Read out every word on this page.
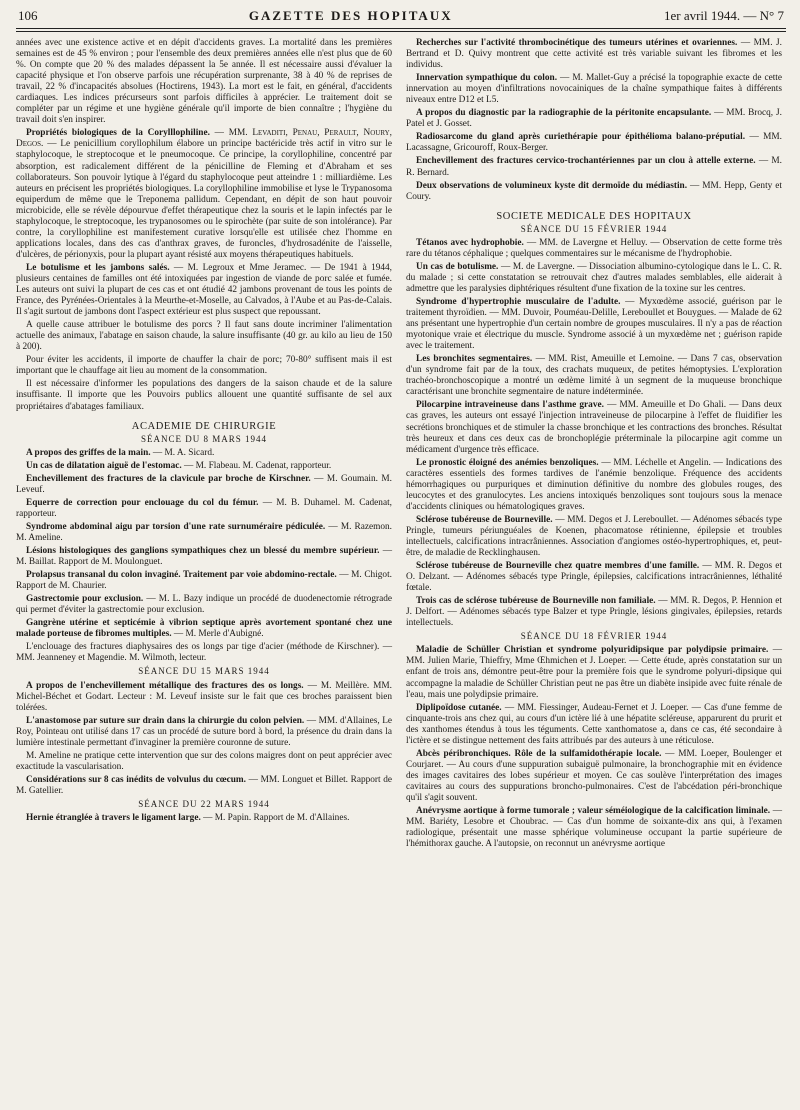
106	GAZETTE DES HOPITAUX	1er avril 1944. — N° 7

années avec une existence active et en dépit d'accidents graves. La mortalité dans les premières semaines est de 45 % environ ; pour l'ensemble des deux premières années elle n'est plus que de 60 %. On compte que 20 % des malades dépassent la 5e année. Il est nécessaire aussi d'évaluer la capacité physique et l'on observe parfois une récupération surprenante, 38 à 40 % de reprises de travail, 22 % d'incapacités absolues (Hoctirens, 1943). La mort est le fait, en général, d'accidents cardiaques. Les indices précurseurs sont parfois difficiles à apprécier. Le traitement doit se compléter par un régime et une hygiène générale qu'il importe de bien connaître ; l'hygiène du travail doit s'en inspirer.

Propriétés biologiques de la Corylllophiline. — MM. Levaditi, Penau, Perault, Noury, Degos. — Le penicillium coryllophilum élabore un principe bactéricide très actif in vitro sur le staphylocoque, le streptocoque et le pneumocoque. Ce principe, la coryllophiline, concentré par absorption, est radicalement différent de la pénicilline de Fleming et d'Abraham et ses collaborateurs. Son pouvoir lytique à l'égard du staphylocoque peut atteindre 1 : milliardième. Les auteurs en précisent les propriétés biologiques. La coryllophiline immobilise et lyse le Trypanosoma equiperdum de même que le Treponema pallidum. Cependant, en dépit de son haut pouvoir microbicide, elle se révèle dépourvue d'effet thérapeutique chez la souris et le lapin infectés par le staphylocoque, le streptocoque, les trypanosomes ou le spirochète (par suite de son intolérance). Par contre, la coryllophiline est manifestement curative lorsqu'elle est utilisée chez l'homme en applications locales, dans des cas d'anthrax graves, de furoncles, d'hydrosadénite de l'aisselle, d'ulcères, de périonyxis, pour la plupart ayant résisté aux moyens thérapeutiques habituels.

Le botulisme et les jambons salés. — M. Legroux et Mme Jeramec. — De 1941 à 1944, plusieurs centaines de familles ont été intoxiquées par ingestion de viande de porc salée et fumée. Les auteurs ont suivi la plupart de ces cas et ont étudié 42 jambons provenant de tous les points de France, des Pyrénées-Orientales à la Meurthe-et-Moselle, au Calvados, à l'Aube et au Pas-de-Calais. Il s'agit surtout de jambons dont l'aspect extérieur est plus suspect que repoussant.

A quelle cause attribuer le botulisme des porcs ? Il faut sans doute incriminer l'alimentation actuelle des animaux, l'abatage en saison chaude, la salure insuffisante (40 gr. au kilo au lieu de 150 à 200).

Pour éviter les accidents, il importe de chauffer la chair de porc; 70-80° suffisent mais il est important que le chauffage ait lieu au moment de la consommation.

Il est nécessaire d'informer les populations des dangers de la saison chaude et de la salure insuffisante. Il importe que les Pouvoirs publics allouent une quantité suffisante de sel aux propriétaires d'abatages familiaux.

ACADEMIE DE CHIRURGIE
SÉANCE DU 8 MARS 1944

A propos des griffes de la main. — M. A. Sicard.

Un cas de dilatation aiguë de l'estomac. — M. Flabeau. M. Cadenat, rapporteur.

Enchevillement des fractures de la clavicule par broche de Kirschner. — M. Goumain. M. Leveuf.

Equerre de correction pour enclouage du col du fémur. — M. B. Duhamel. M. Cadenat, rapporteur.

Syndrome abdominal aigu par torsion d'une rate surnuméraire pédiculée. — M. Razemon. M. Ameline.

Lésions histologiques des ganglions sympathiques chez un blessé du membre supérieur. — M. Baillat. Rapport de M. Moulonguet.

Prolapsus transanal du colon invaginé. Traitement par voie abdomino-rectale. — M. Chigot. Rapport de M. Chaurier.

Gastrectomie pour exclusion. — M. L. Bazy indique un procédé de duodenectomie rétrograde qui permet d'éviter la gastrectomie pour exclusion.

Gangrène utérine et septicémie à vibrion septique après avortement spontané chez une malade porteuse de fibromes multiples. — M. Merle d'Aubigné.

L'enclouage des fractures diaphysaires des os longs par tige d'acier (méthode de Kirschner). — MM. Jeanneney et Magendie. M. Wilmoth, lecteur.

SÉANCE DU 15 MARS 1944

A propos de l'enchevillement métallique des fractures des os longs. — M. Meillère. MM. Michel-Béchet et Godart. Lecteur : M. Leveuf insiste sur le fait que ces broches paraissent bien tolérées.

L'anastomose par suture sur drain dans la chirurgie du colon pelvien. — MM. d'Allaines, Le Roy, Pointeau ont utilisé dans 17 cas un procédé de suture bord à bord, la présence du drain dans la lumière intestinale permettant d'invaginer la première couronne de suture.

M. Ameline ne pratique cette intervention que sur des colons maigres dont on peut apprécier avec exactitude la vascularisation.

Considérations sur 8 cas inédits de volvulus du cœcum. — MM. Longuet et Billet. Rapport de M. Gatellier.

SÉANCE DU 22 MARS 1944

Hernie étranglée à travers le ligament large. — M. Papin. Rapport de M. d'Allaines.

Recherches sur l'activité thrombocinétique des tumeurs utérines et ovariennes. — MM. J. Bertrand et D. Quivy montrent que cette activité est très variable suivant les fibromes et les individus.

Innervation sympathique du colon. — M. Mallet-Guy a précisé la topographie exacte de cette innervation au moyen d'infiltrations novocainiques de la chaîne sympathique faites à différents niveaux entre D12 et L5.

A propos du diagnostic par la radiographie de la péritonite encapsulante. — MM. Brocq, J. Patel et J. Gosset.

Radiosarcome du gland après curiethérapie pour épithélioma balano-préputial. — MM. Lacassagne, Gricouroff, Roux-Berger.

Enchevillement des fractures cervico-trochantériennes par un clou à attelle externe. — M. R. Bernard.

Deux observations de volumineux kyste dit dermoïde du médiastin. — MM. Hepp, Genty et Coury.

SOCIETE MEDICALE DES HOPITAUX
SÉANCE DU 15 FÉVRIER 1944

Tétanos avec hydrophobie. — MM. de Lavergne et Helluy. — Observation de cette forme très rare du tétanos céphalique ; quelques commentaires sur le mécanisme de l'hydrophobie.

Un cas de botulisme. — M. de Lavergne. — Dissociation albumino-cytologique dans le L. C. R. du malade ; si cette constatation se retrouvait chez d'autres malades semblables, elle aiderait à admettre que les paralysies diphtériques résultent d'une fixation de la toxine sur les centres.

Syndrome d'hypertrophie musculaire de l'adulte. — Myxœdème associé, guérison par le traitement thyroïdien. — MM. Duvoir, Pouméau-Delille, Lereboullet et Bouygues. — Malade de 62 ans présentant une hypertrophie d'un certain nombre de groupes musculaires. Il n'y a pas de réaction myotonique vraie et électrique du muscle. Syndrome associé à un myxœdème net ; guérison rapide avec le traitement.

Les bronchites segmentaires. — MM. Rist, Ameuille et Lemoine. — Dans 7 cas, observation d'un syndrome fait par de la toux, des crachats muqueux, de petites hémoptysies. L'exploration trachéo-bronchoscopique a montré un œdème limité à un segment de la muqueuse bronchique caractérisant une bronchite segmentaire de nature indéterminée.

Pilocarpine intraveineuse dans l'asthme grave. — MM. Ameuille et Do Ghali. — Dans deux cas graves, les auteurs ont essayé l'injection intraveineuse de pilocarpine à l'effet de fluidifier les secrétions bronchiques et de stimuler la chasse bronchique et les contractions des bronches. Résultat très heureux et dans ces deux cas de bronchoplégie préterminale la pilocarpine agit comme un médicament d'urgence très efficace.

Le pronostic éloigné des anémies benzoliques. — MM. Léchelle et Angelin. — Indications des caractères essentiels des formes tardives de l'anémie benzolique. Fréquence des accidents hémorrhagiques ou purpuriques et diminution définitive du nombre des globules rouges, des leucocytes et des granulocytes. Les anciens intoxiqués benzoliques sont toujours sous la menace d'accidents cliniques ou hématologiques graves.

Sclérose tubéreuse de Bourneville. — MM. Degos et J. Lereboullet. — Adénomes sébacés type Pringle, tumeurs périunguéales de Koenen, phacomatose rétinienne, épilepsie et troubles intellectuels, calcifications intracrâniennes. Association d'angiomes ostéo-hypertrophiques, et, peut-être, de maladie de Recklinghausen.

Sclérose tubéreuse de Bourneville chez quatre membres d'une famille. — MM. R. Degos et O. Delzant. — Adénomes sébacés type Pringle, épilepsies, calcifications intracrâniennes, léthalité fœtale.

Trois cas de sclérose tubéreuse de Bourneville non familiale. — MM. R. Degos, P. Hennion et J. Delfort. — Adénomes sébacés type Balzer et type Pringle, lésions gingivales, épilepsies, retards intellectuels.

SÉANCE DU 18 FÉVRIER 1944

Maladie de Schüller Christian et syndrome polyuridipsique par polydipsie primaire. — MM. Julien Marie, Thieffry, Mme Œhmichen et J. Loeper. — Cette étude, après constatation sur un enfant de trois ans, démontre peut-être pour la première fois que le syndrome polyuri-dipsique qui accompagne la maladie de Schüller Christian peut ne pas être un diabète insipide avec fuite rénale de l'eau, mais une polydipsie primaire.

Diplipoïdose cutanée. — MM. Fiessinger, Audeau-Fernet et J. Loeper. — Cas d'une femme de cinquante-trois ans chez qui, au cours d'un ictère lié à une hépatite scléreuse, apparurent du prurit et des xanthomes étendus à tous les téguments. Cette xanthomatose a, dans ce cas, été secondaire à l'ictère et se distingue nettement des faits attribués par des auteurs à une réticulose.

Abcès péribronchiques. Rôle de la sulfamidothérapie locale. — MM. Loeper, Boulenger et Courjaret. — Au cours d'une suppuration subaiguë pulmonaire, la bronchographie mit en évidence des images cavitaires des lobes supérieur et moyen. Ce cas soulève l'interprétation des images cavitaires au cours des suppurations broncho-pulmonaires. C'est de l'abcédation péri-bronchique qu'il s'agit souvent.

Anévrysme aortique à forme tumorale ; valeur séméiologique de la calcification liminale. — MM. Bariéty, Lesobre et Choubrac. — Cas d'un homme de soixante-dix ans qui, à l'examen radiologique, présentait une masse sphérique volumineuse occupant la partie supérieure de l'hémithorax gauche. A l'autopsie, on reconnut un anévrysme aortique
